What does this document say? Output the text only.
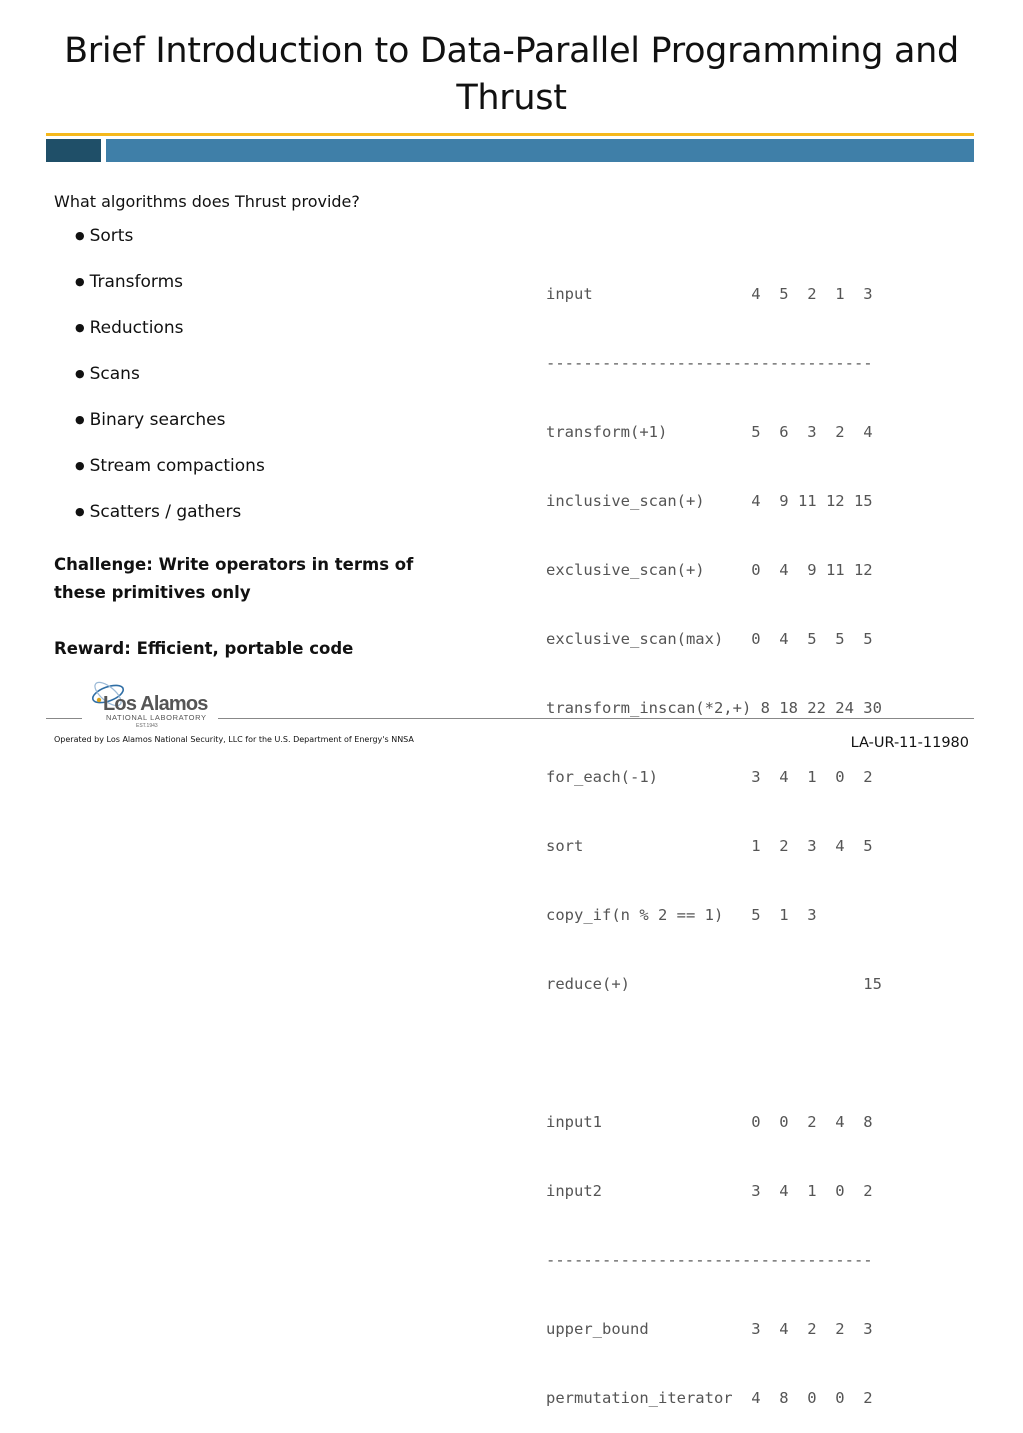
Brief Introduction to Data-Parallel Programming and Thrust
What algorithms does Thrust provide?
● Sorts
● Transforms
● Reductions
● Scans
● Binary searches
● Stream compactions
● Scatters / gathers
Challenge: Write operators in terms of these primitives only
Reward: Efficient, portable code

input                 4  5  2  1  3

-----------------------------------

transform(+1)         5  6  3  2  4

inclusive_scan(+)     4  9 11 12 15

exclusive_scan(+)     0  4  9 11 12

exclusive_scan(max)   0  4  5  5  5

transform_inscan(*2,+) 8 18 22 24 30

for_each(-1)          3  4  1  0  2

sort                  1  2  3  4  5

copy_if(n % 2 == 1)   5  1  3

reduce(+)                         15

input1                0  0  2  4  8

input2                3  4  1  0  2

-----------------------------------

upper_bound           3  4  2  2  3

permutation_iterator  4  8  0  0  2

Los Alamos
NATIONAL LABORATORY
EST.1943
Operated by Los Alamos National Security, LLC for the U.S. Department of Energy's NNSA	LA-UR-11-11980
